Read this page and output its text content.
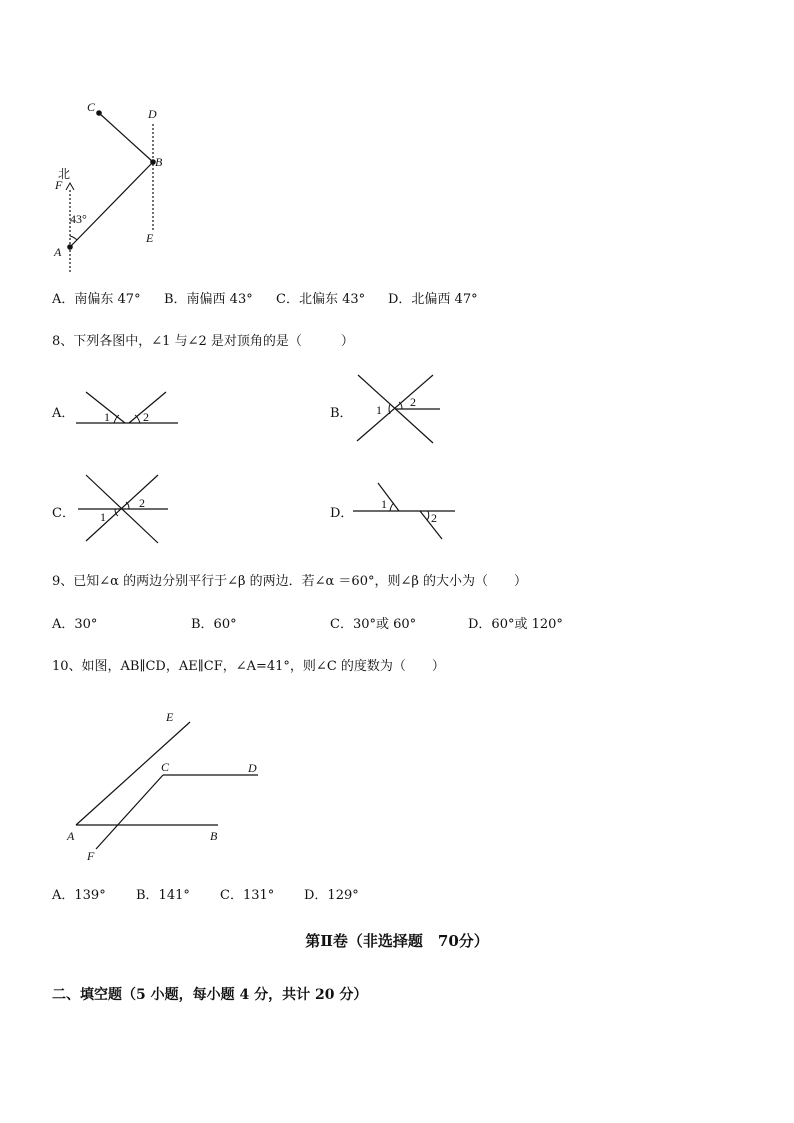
C	D
B
北
F
43°
E
A
A．南偏东 47° B．南偏西 43° C．北偏东 43° D．北偏西 47°
8、下列各图中，∠1 与∠2 是对顶角的是（　　　）
A． 1	2	B． 1
2
C．
2
1	D．
1
2
9、已知∠α 的两边分别平行于∠β 的两边．若∠α ＝60°，则∠β 的大小为（　　）
A．30°	B．60°	C．30°或 60°	D．60°或 120°
10、如图，AB∥CD，AE∥CF，∠A=41°，则∠C 的度数为（　　）
E
C	D
A	B
F
A．139° B．141° C．131° D．129°
第Ⅱ卷（非选择题　70分）
二、填空题（5 小题，每小题 4 分，共计 20 分）
